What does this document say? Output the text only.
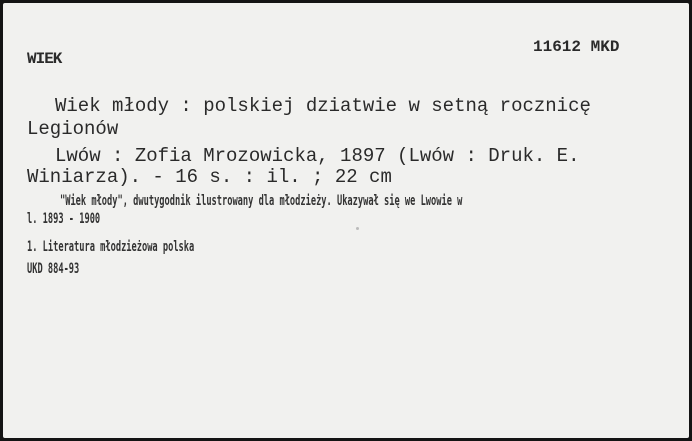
WIEK
11612 MKD
Wiek młody : polskiej dziatwie w setną rocznicę
Legionów
Lwów : Zofia Mrozowicka, 1897 (Lwów : Druk. E.
Winiarza). - 16 s. : il. ; 22 cm
"Wiek młody", dwutygodnik ilustrowany dla młodzieży. Ukazywał się we Lwowie w
l. 1893 - 1900
1. Literatura młodzieżowa polska
UKD 884-93
